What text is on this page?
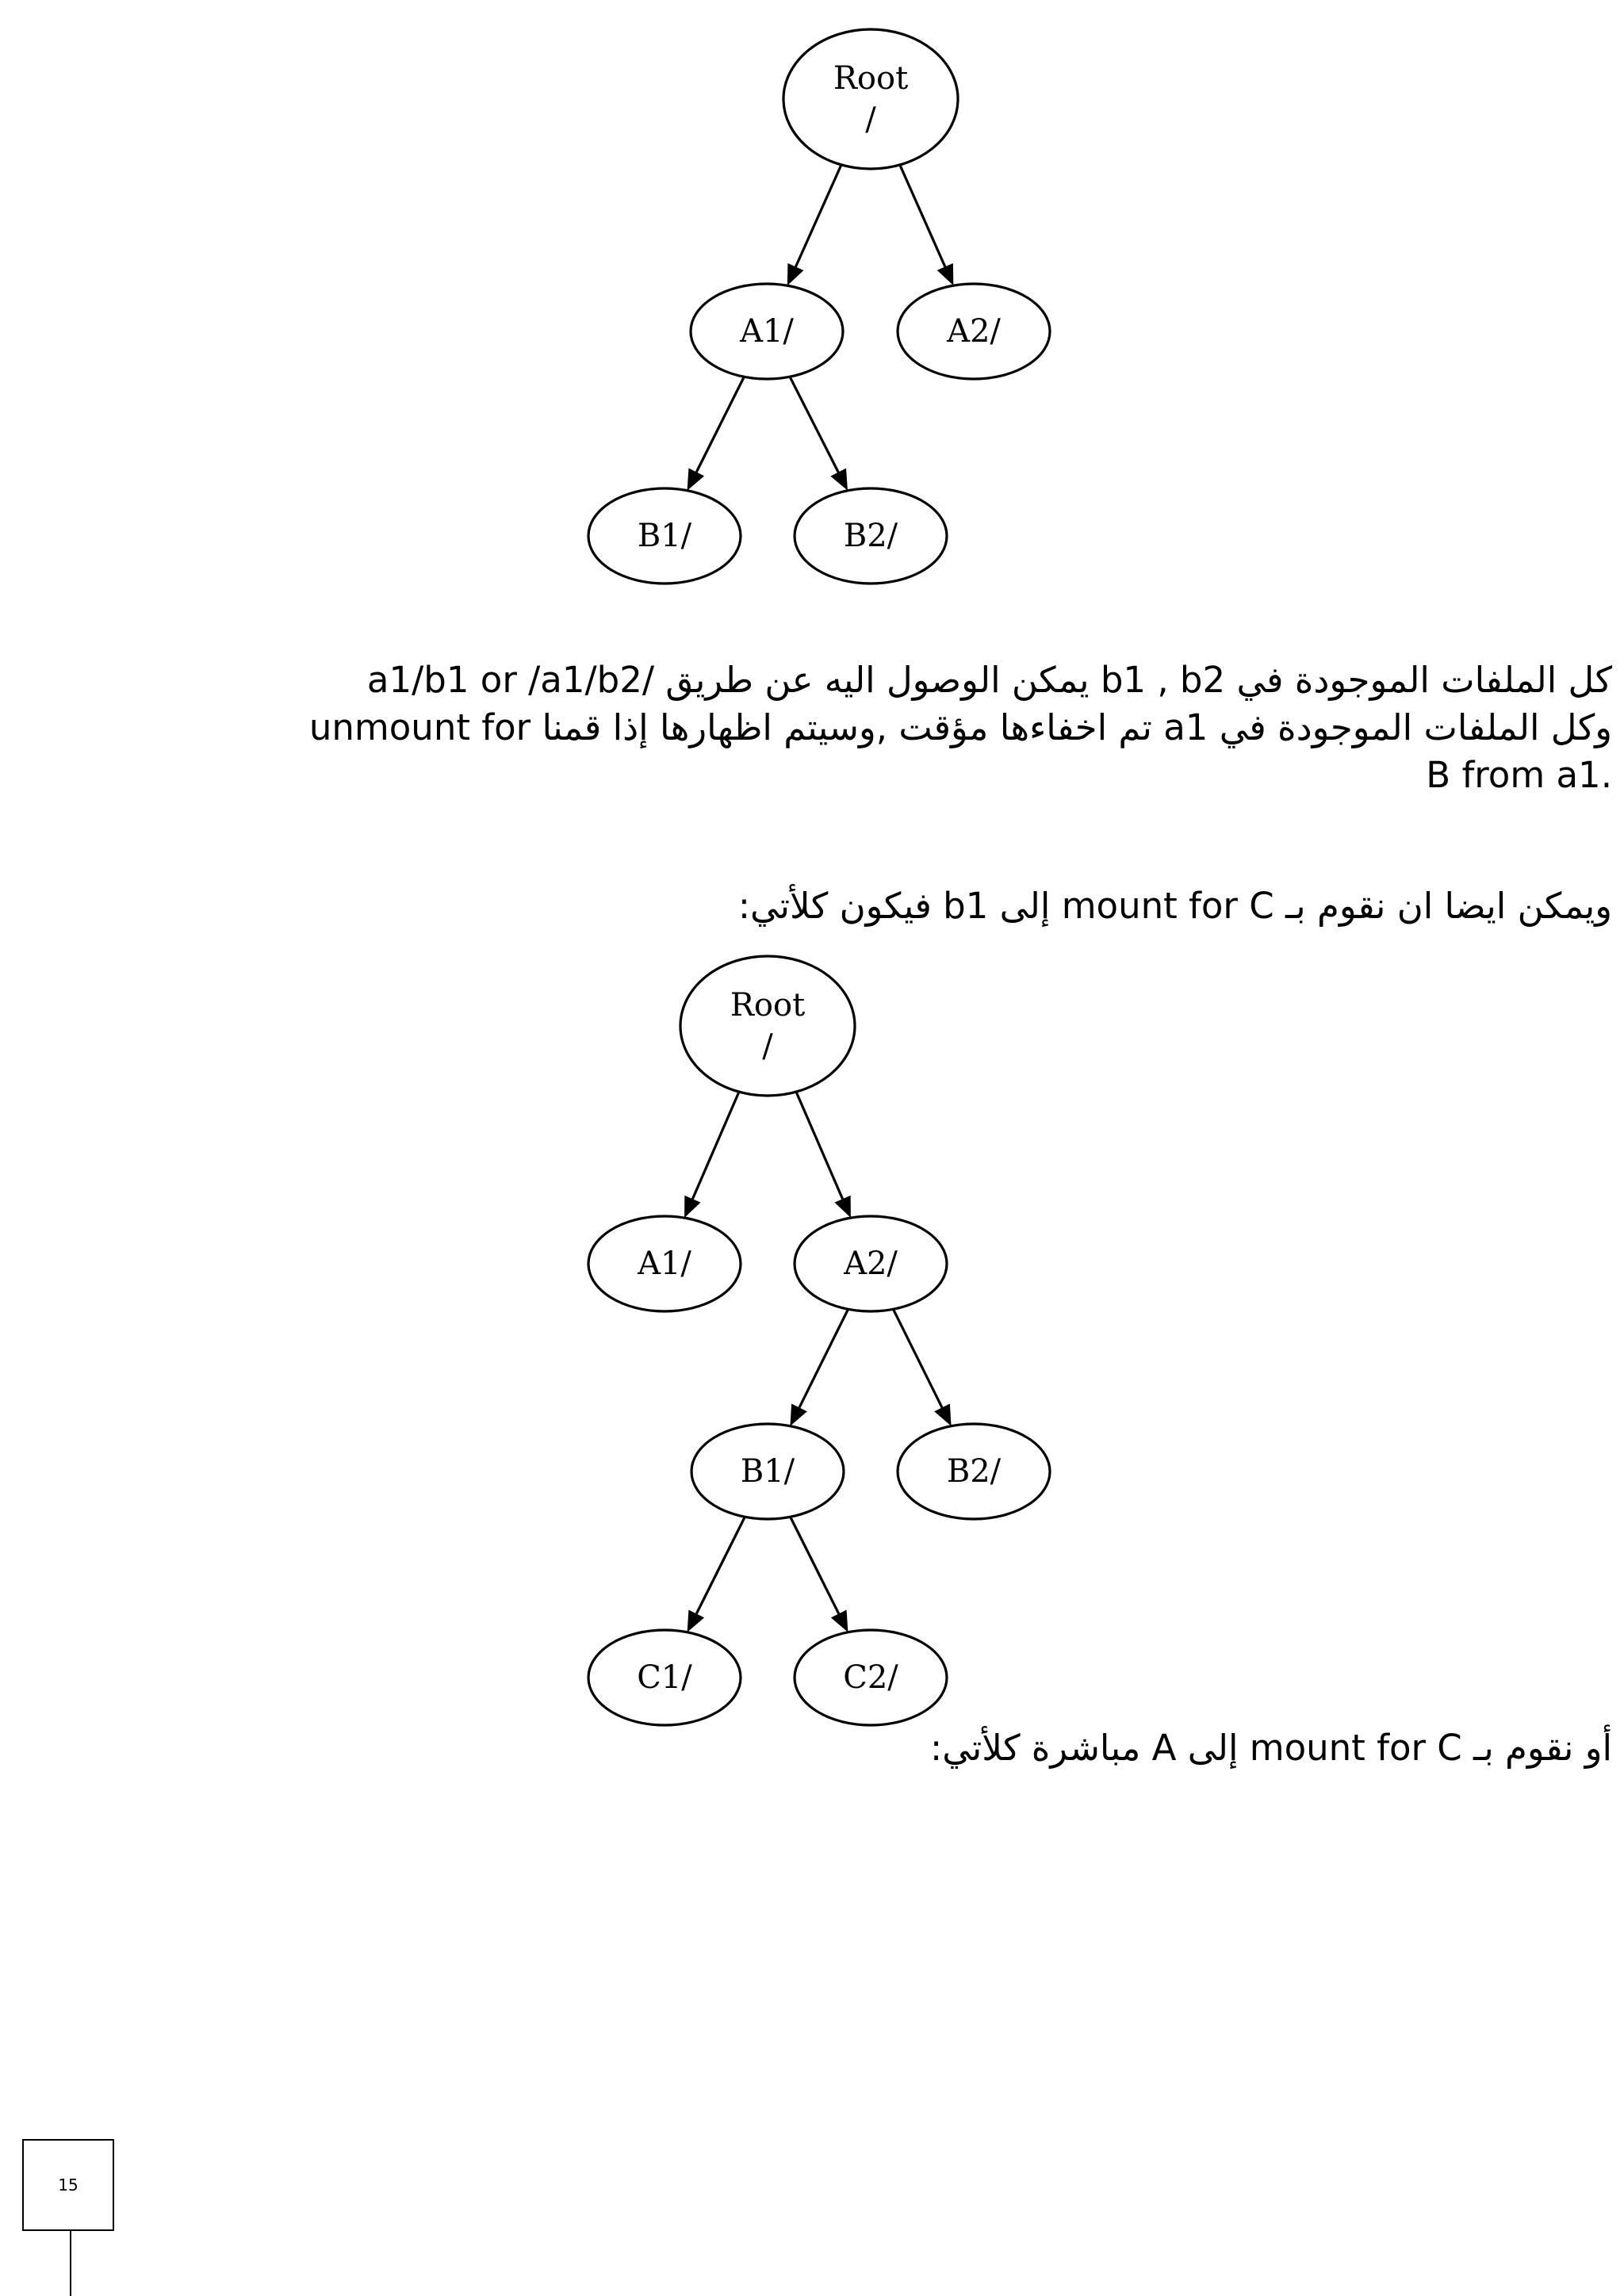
Root
/
A1/	A2/
B1/	B2/
كل الملفات الموجودة في b1 , b2 يمكن الوصول اليه عن طريق /a1/b1 or /a1/b2
وكل الملفات الموجودة في a1 تم اخفاءها مؤقت ,وسيتم اظهارها إذا قمنا unmount for
B from a1.
ويمكن ايضا ان نقوم بـ mount for C إلى b1 فيكون كلأتي:
Root
/
A1/	A2/
B1/	B2/
C1/	C2/
أو نقوم بـ mount for C إلى A مباشرة كلأتي:
15
